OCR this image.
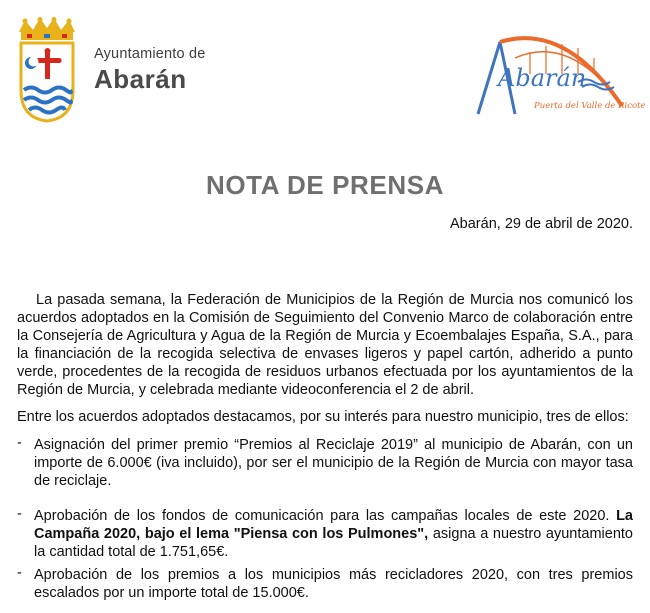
Ayuntamiento de
Abarán	Abarán
Puerta del Valle de Ricote
NOTA DE PRENSA
Abarán, 29 de abril de 2020.

La pasada semana, la Federación de Municipios de la Región de Murcia nos comunicó los acuerdos adoptados en la Comisión de Seguimiento del Convenio Marco de colaboración entre la Consejería de Agricultura y Agua de la Región de Murcia y Ecoembalajes España, S.A., para la financiación de la recogida selectiva de envases ligeros y papel cartón, adherido a punto verde, procedentes de la recogida de residuos urbanos efectuada por los ayuntamientos de la Región de Murcia, y celebrada mediante videoconferencia el 2 de abril.

Entre los acuerdos adoptados destacamos, por su interés para nuestro municipio, tres de ellos:

- Asignación del primer premio “Premios al Reciclaje 2019” al municipio de Abarán, con un importe de 6.000€ (iva incluido), por ser el municipio de la Región de Murcia con mayor tasa de reciclaje.
- Aprobación de los fondos de comunicación para las campañas locales de este 2020. La Campaña 2020, bajo el lema "Piensa con los Pulmones", asigna a nuestro ayuntamiento la cantidad total de 1.751,65€.
- Aprobación de los premios a los municipios más recicladores 2020, con tres premios escalados por un importe total de 15.000€.
